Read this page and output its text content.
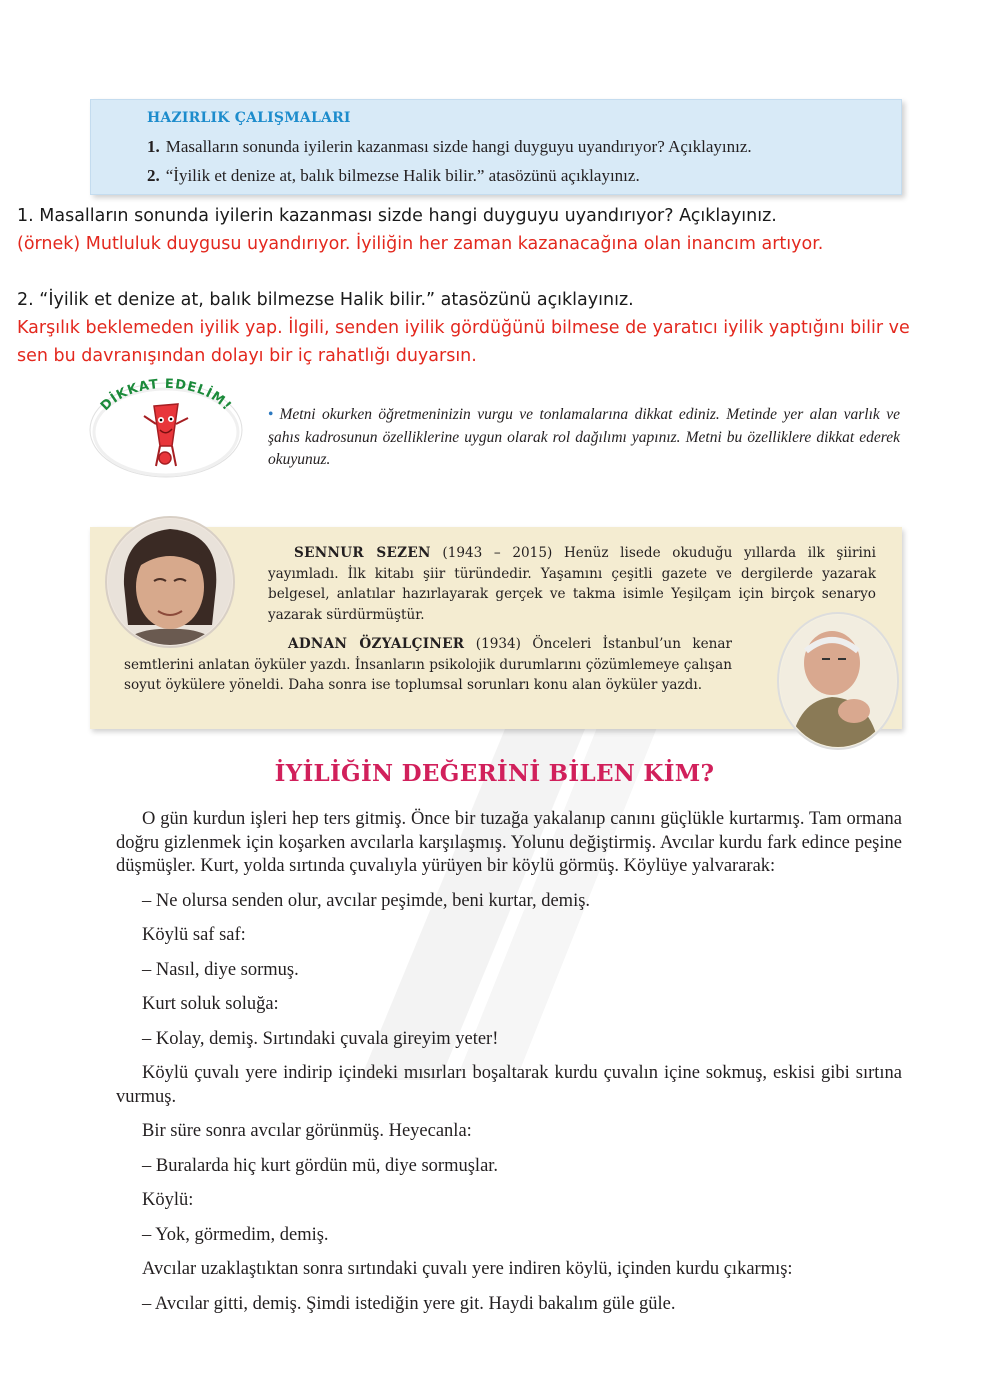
HAZIRLIK ÇALIŞMALARI
1. Masalların sonunda iyilerin kazanması sizde hangi duyguyu uyandırıyor? Açıklayınız.
2. “İyilik et denize at, balık bilmezse Halik bilir.” atasözünü açıklayınız.
1. Masalların sonunda iyilerin kazanması sizde hangi duyguyu uyandırıyor? Açıklayınız.
(örnek) Mutluluk duygusu uyandırıyor. İyiliğin her zaman kazanacağına olan inancım artıyor.
2. “İyilik et denize at, balık bilmezse Halik bilir.” atasözünü açıklayınız.
Karşılık beklemeden iyilik yap. İlgili, senden iyilik gördüğünü bilmese de yaratıcı iyilik yaptığını bilir ve
sen bu davranışından dolayı bir iç rahatlığı duyarsın.
DİKKAT EDELİM! • Metni okurken öğretmeninizin vurgu ve tonlamalarına dikkat ediniz. Metinde yer alan varlık ve şahıs kadrosunun özelliklerine uygun olarak rol dağılımı yapınız. Metni bu özelliklere dikkat ederek okuyunuz.
SENNUR SEZEN (1943 – 2015) Henüz lisede okuduğu yıllarda ilk şiirini yayımladı. İlk kitabı şiir türündedir. Yaşamını çeşitli gazete ve dergilerde yazarak belgesel, anlatılar hazırlayarak gerçek ve takma isimle Yeşilçam için birçok senaryo yazarak sürdürmüştür.
ADNAN ÖZYALÇINER (1934) Önceleri İstanbul’un kenar semtlerini anlatan öyküler yazdı. İnsanların psikolojik durumlarını çözümlemeye çalışan soyut öykülere yöneldi. Daha sonra ise toplumsal sorunları konu alan öyküler yazdı.
İYİLİĞİN DEĞERİNİ BİLEN KİM?

O gün kurdun işleri hep ters gitmiş. Önce bir tuzağa yakalanıp canını güçlükle kurtarmış. Tam ormana doğru gizlenmek için koşarken avcılarla karşılaşmış. Yolunu değiştirmiş. Avcılar kurdu fark edince peşine düşmüşler. Kurt, yolda sırtında çuvalıyla yürüyen bir köylü görmüş. Köylüye yalvararak:

– Ne olursa senden olur, avcılar peşimde, beni kurtar, demiş.

Köylü saf saf:

– Nasıl, diye sormuş.

Kurt soluk soluğa:

– Kolay, demiş. Sırtındaki çuvala gireyim yeter!

Köylü çuvalı yere indirip içindeki mısırları boşaltarak kurdu çuvalın içine sokmuş, eskisi gibi sırtına vurmuş.

Bir süre sonra avcılar görünmüş. Heyecanla:

– Buralarda hiç kurt gördün mü, diye sormuşlar.

Köylü:

– Yok, görmedim, demiş.

Avcılar uzaklaştıktan sonra sırtındaki çuvalı yere indiren köylü, içinden kurdu çıkarmış:

– Avcılar gitti, demiş. Şimdi istediğin yere git. Haydi bakalım güle güle.
